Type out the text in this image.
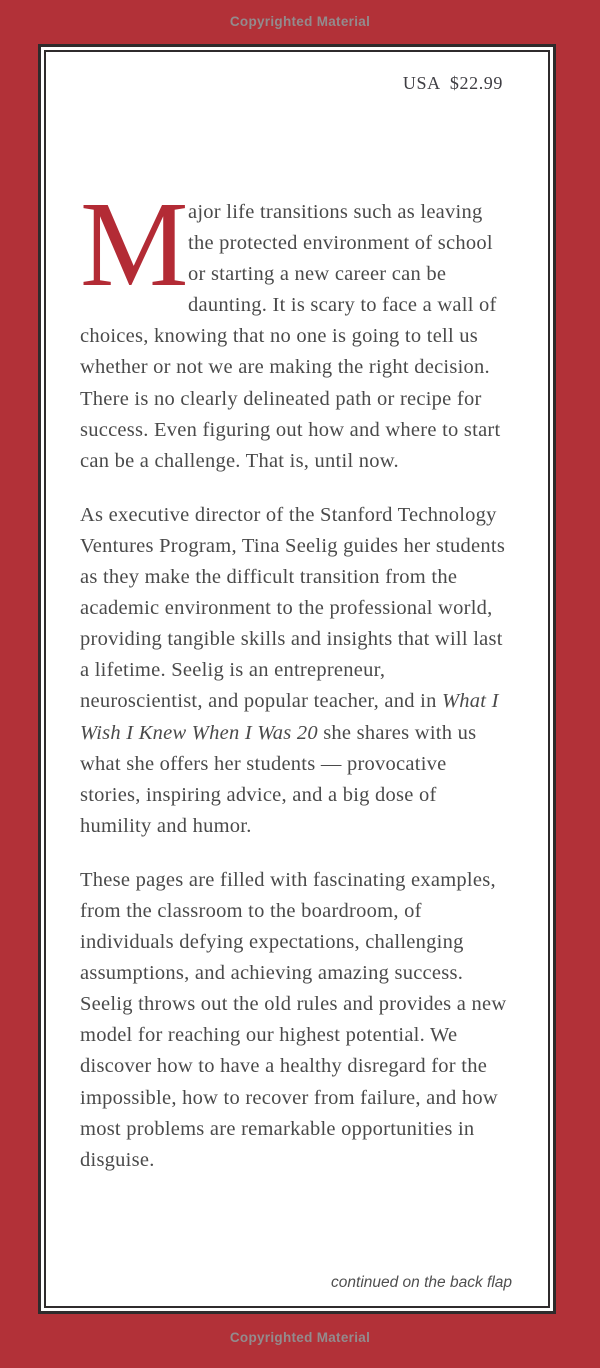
Copyrighted Material
USA  $22.99

Major life transitions such as leaving the protected environment of school or starting a new career can be daunting. It is scary to face a wall of choices, knowing that no one is going to tell us whether or not we are making the right decision. There is no clearly delineated path or recipe for success. Even figuring out how and where to start can be a challenge. That is, until now.

As executive director of the Stanford Technology Ventures Program, Tina Seelig guides her students as they make the difficult transition from the academic environment to the professional world, providing tangible skills and insights that will last a lifetime. Seelig is an entrepreneur, neuroscientist, and popular teacher, and in What I Wish I Knew When I Was 20 she shares with us what she offers her students — provocative stories, inspiring advice, and a big dose of humility and humor.

These pages are filled with fascinating examples, from the classroom to the boardroom, of individuals defying expectations, challenging assumptions, and achieving amazing success. Seelig throws out the old rules and provides a new model for reaching our highest potential. We discover how to have a healthy disregard for the impossible, how to recover from failure, and how most problems are remarkable opportunities in disguise.

continued on the back flap
Copyrighted Material
